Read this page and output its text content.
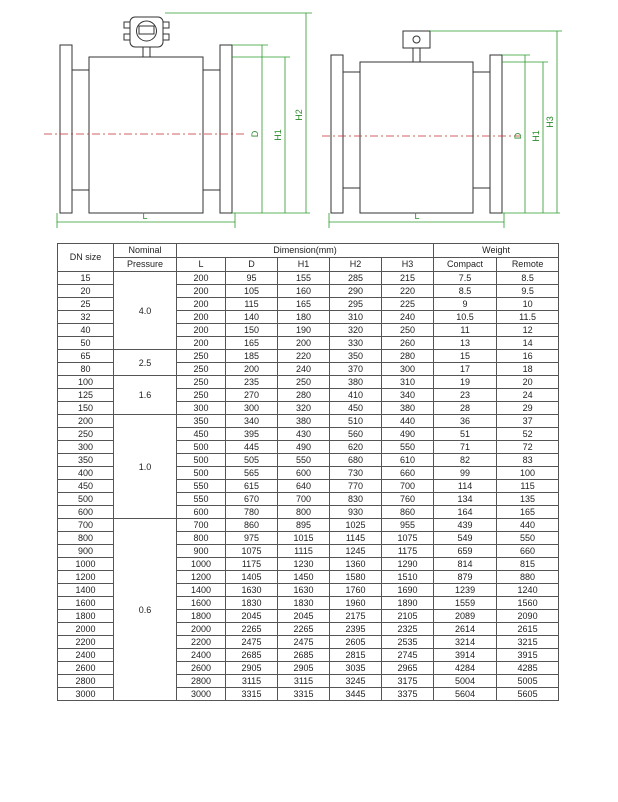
L
D H1
H2
L
D H1
H3
DN size	Nominal	Dimension(mm)					Weight	
	Pressure	L	D	H1	H2	H3	Compact	Remote
15	4.0	200	95	155	285	215	7.5	8.5
20		200	105	160	290	220	8.5	9.5
25		200	115	165	295	225	9	10
32		200	140	180	310	240	10.5	11.5
40		200	150	190	320	250	11	12
50		200	165	200	330	260	13	14
65	2.5	250	185	220	350	280	15	16
80		250	200	240	370	300	17	18
100	1.6	250	235	250	380	310	19	20
125		250	270	280	410	340	23	24
150		300	300	320	450	380	28	29
200	1.0	350	340	380	510	440	36	37
250		450	395	430	560	490	51	52
300		500	445	490	620	550	71	72
350		500	505	550	680	610	82	83
400		500	565	600	730	660	99	100
450		550	615	640	770	700	114	115
500		550	670	700	830	760	134	135
600		600	780	800	930	860	164	165
700	0.6	700	860	895	1025	955	439	440
800		800	975	1015	1145	1075	549	550
900		900	1075	1115	1245	1175	659	660
1000		1000	1175	1230	1360	1290	814	815
1200		1200	1405	1450	1580	1510	879	880
1400		1400	1630	1630	1760	1690	1239	1240
1600		1600	1830	1830	1960	1890	1559	1560
1800		1800	2045	2045	2175	2105	2089	2090
2000		2000	2265	2265	2395	2325	2614	2615
2200		2200	2475	2475	2605	2535	3214	3215
2400		2400	2685	2685	2815	2745	3914	3915
2600		2600	2905	2905	3035	2965	4284	4285
2800		2800	3115	3115	3245	3175	5004	5005
3000		3000	3315	3315	3445	3375	5604	5605
